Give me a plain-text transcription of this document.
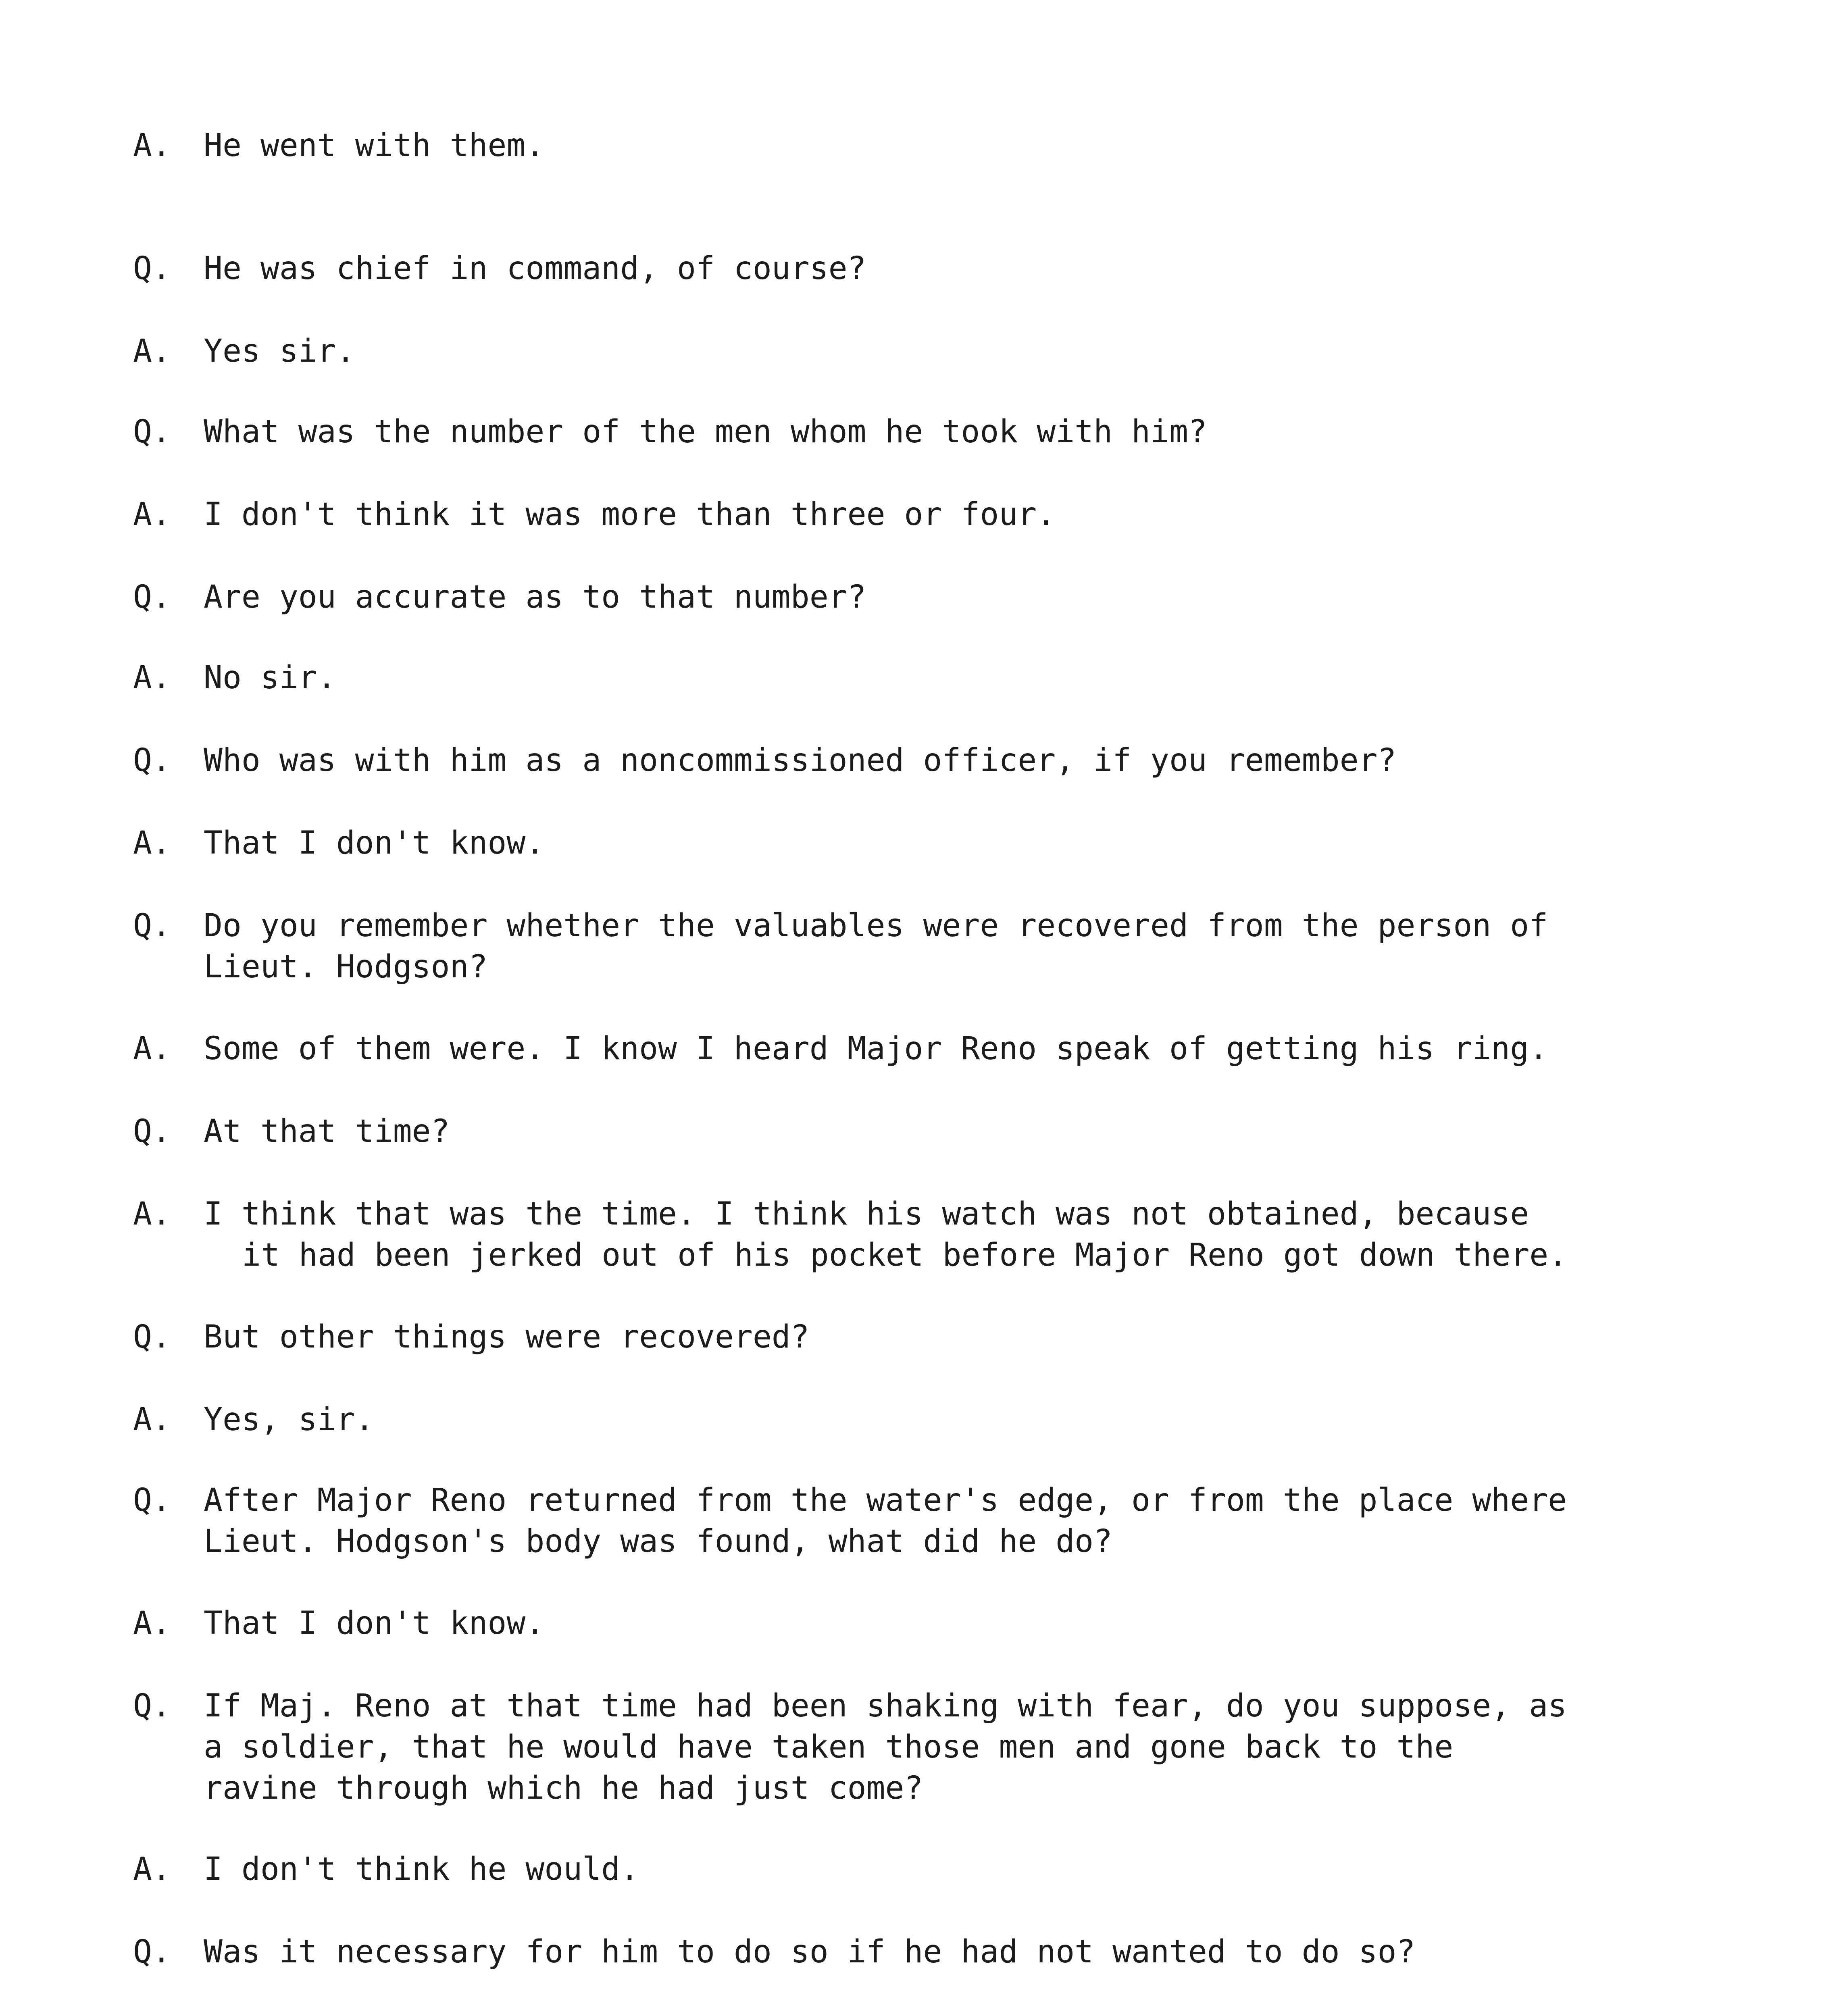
A.	He went with them.
Q.	He was chief in command, of course?
A.	Yes sir.
Q.	What was the number of the men whom he took with him?
A.	I don't think it was more than three or four.
Q.	Are you accurate as to that number?
A.	No sir.
Q.	Who was with him as a noncommissioned officer, if you remember?
A.	That I don't know.
Q.	Do you remember whether the valuables were recovered from the person of
Lieut. Hodgson?
A.	Some of them were. I know I heard Major Reno speak of getting his ring.
Q.	At that time?
A.	I think that was the time. I think his watch was not obtained, because
it had been jerked out of his pocket before Major Reno got down there.
Q.	But other things were recovered?
A.	Yes, sir.
Q.	After Major Reno returned from the water's edge, or from the place where
Lieut. Hodgson's body was found, what did he do?
A.	That I don't know.
Q.	If Maj. Reno at that time had been shaking with fear, do you suppose, as
a soldier, that he would have taken those men and gone back to the
ravine through which he had just come?
A.	I don't think he would.
Q.	Was it necessary for him to do so if he had not wanted to do so?
